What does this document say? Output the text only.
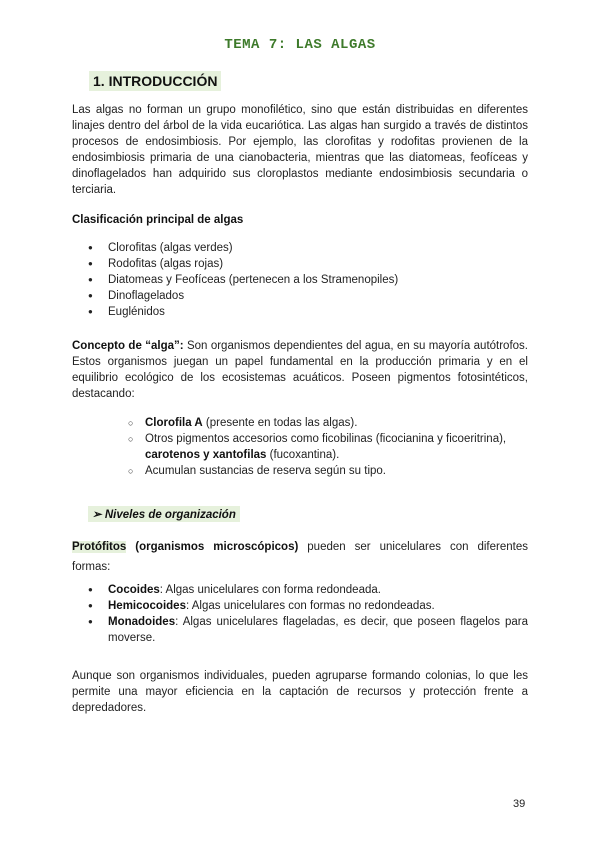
TEMA 7: LAS ALGAS
1. INTRODUCCIÓN

Las algas no forman un grupo monofilético, sino que están distribuidas en diferentes linajes dentro del árbol de la vida eucariótica. Las algas han surgido a través de distintos procesos de endosimbiosis. Por ejemplo, las clorofitas y rodofitas provienen de la endosimbiosis primaria de una cianobacteria, mientras que las diatomeas, feofíceas y dinoflagelados han adquirido sus cloroplastos mediante endosimbiosis secundaria o terciaria.

Clasificación principal de algas
● Clorofitas (algas verdes)
● Rodofitas (algas rojas)
● Diatomeas y Feofíceas (pertenecen a los Stramenopiles)
● Dinoflagelados
● Euglénidos

Concepto de “alga”: Son organismos dependientes del agua, en su mayoría autótrofos. Estos organismos juegan un papel fundamental en la producción primaria y en el equilibrio ecológico de los ecosistemas acuáticos. Poseen pigmentos fotosintéticos, destacando:

○ Clorofila A (presente en todas las algas).
○ Otros pigmentos accesorios como ficobilinas (ficocianina y ficoeritrina),
carotenos y xantofilas (fucoxantina).
○ Acumulan sustancias de reserva según su tipo.
➢ Niveles de organización

Protófitos (organismos microscópicos) pueden ser unicelulares con diferentes formas:

● Cocoides: Algas unicelulares con forma redondeada.
● Hemicocoides: Algas unicelulares con formas no redondeadas.
● Monadoides: Algas unicelulares flageladas, es decir, que poseen flagelos para moverse.

Aunque son organismos individuales, pueden agruparse formando colonias, lo que les permite una mayor eficiencia en la captación de recursos y protección frente a depredadores.

39
